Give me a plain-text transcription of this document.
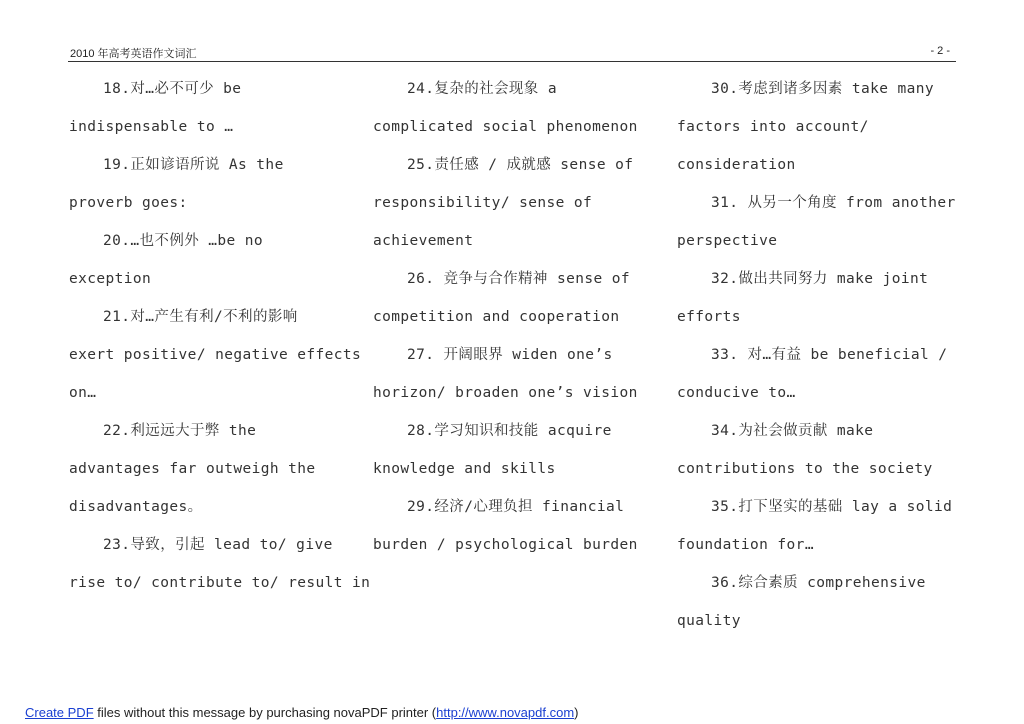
2010 年高考英语作文词汇	- 2 -
18.对…必不可少 be
indispensable to …
19.正如谚语所说 As the
proverb goes:
20.…也不例外 …be no
exception
21.对…产生有利/不利的影响
exert positive/ negative effects
on…
22.利远远大于弊 the
advantages far outweigh the
disadvantages。
23.导致，引起 lead to/ give
rise to/ contribute to/ result in
24.复杂的社会现象 a
complicated social phenomenon
25.责任感 / 成就感 sense of
responsibility/ sense of
achievement
26. 竞争与合作精神 sense of
competition and cooperation
27. 开阔眼界 widen one’s
horizon/ broaden one’s vision
28.学习知识和技能 acquire
knowledge and skills
29.经济/心理负担 financial
burden / psychological burden
30.考虑到诸多因素 take many
factors into account/
consideration
31. 从另一个角度 from another
perspective
32.做出共同努力 make joint
efforts
33. 对…有益 be beneficial /
conducive to…
34.为社会做贡献 make
contributions to the society
35.打下坚实的基础 lay a solid
foundation for…
36.综合素质 comprehensive
quality
Create PDF files without this message by purchasing novaPDF printer (http://www.novapdf.com)
